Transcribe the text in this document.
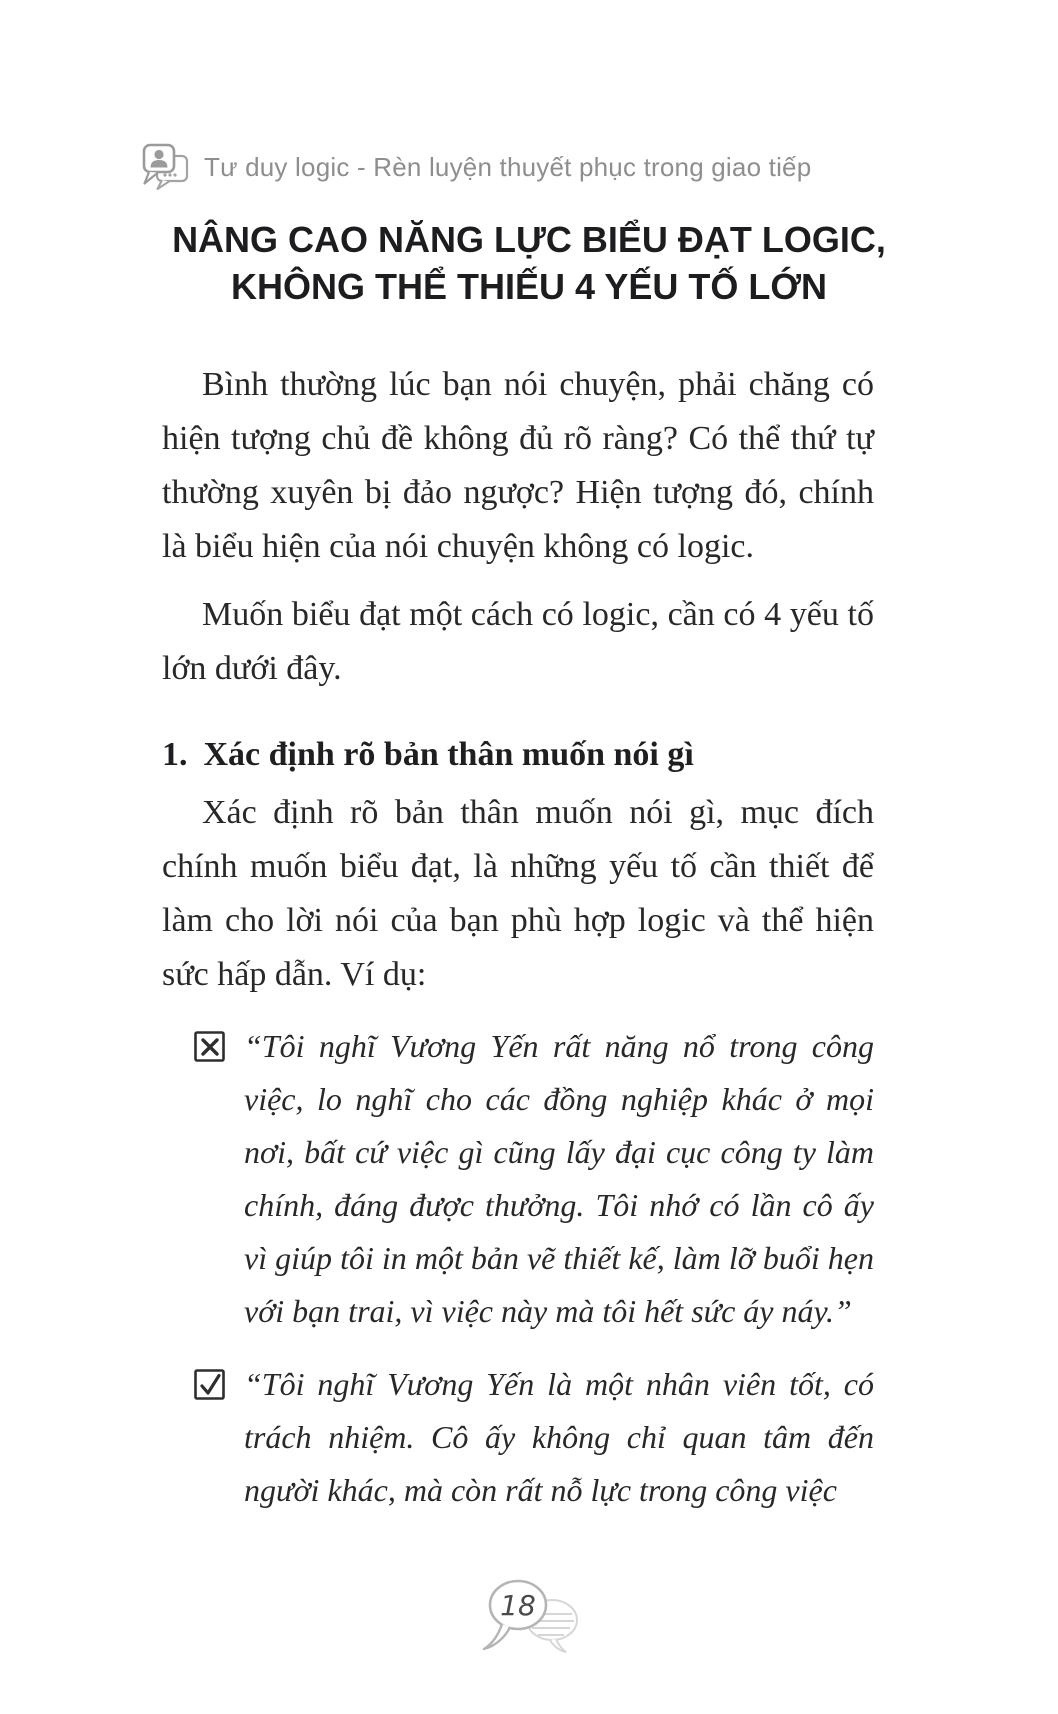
Tư duy logic - Rèn luyện thuyết phục trong giao tiếp
NÂNG CAO NĂNG LỰC BIỂU ĐẠT LOGIC,
KHÔNG THỂ THIẾU 4 YẾU TỐ LỚN

Bình thường lúc bạn nói chuyện, phải chăng có hiện tượng chủ đề không đủ rõ ràng? Có thể thứ tự thường xuyên bị đảo ngược? Hiện tượng đó, chính là biểu hiện của nói chuyện không có logic.

Muốn biểu đạt một cách có logic, cần có 4 yếu tố lớn dưới đây.

1. Xác định rõ bản thân muốn nói gì

Xác định rõ bản thân muốn nói gì, mục đích chính muốn biểu đạt, là những yếu tố cần thiết để làm cho lời nói của bạn phù hợp logic và thể hiện sức hấp dẫn. Ví dụ:

“Tôi nghĩ Vương Yến rất năng nổ trong công việc, lo nghĩ cho các đồng nghiệp khác ở mọi nơi, bất cứ việc gì cũng lấy đại cục công ty làm chính, đáng được thưởng. Tôi nhớ có lần cô ấy vì giúp tôi in một bản vẽ thiết kế, làm lỡ buổi hẹn với bạn trai, vì việc này mà tôi hết sức áy náy.”

“Tôi nghĩ Vương Yến là một nhân viên tốt, có trách nhiệm. Cô ấy không chỉ quan tâm đến người khác, mà còn rất nỗ lực trong công việc

18
